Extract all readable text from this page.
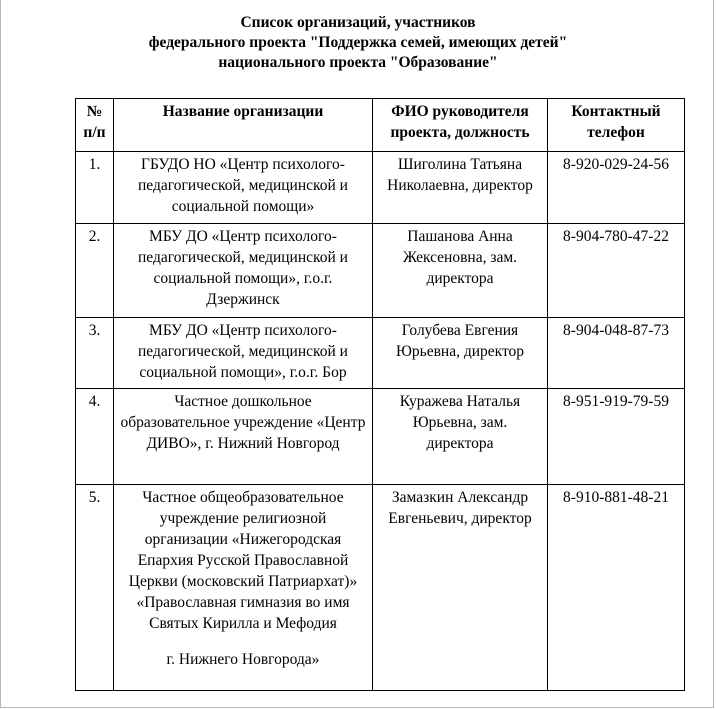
Список организаций, участников
федерального проекта "Поддержка семей, имеющих детей"
национального проекта "Образование"
№ п/п	Название организации	ФИО руководителя проекта, должность	Контактный телефон
1.	ГБУДО НО «Центр психолого-педагогической, медицинской и социальной помощи»	Шиголина Татьяна Николаевна, директор	8-920-029-24-56
2.	МБУ ДО «Центр психолого-педагогической, медицинской и социальной помощи», г.о.г. Дзержинск	Пашанова Анна Жексеновна, зам. директора	8-904-780-47-22
3.	МБУ ДО «Центр психолого-педагогической, медицинской и социальной помощи», г.о.г. Бор	Голубева Евгения Юрьевна, директор	8-904-048-87-73
4.	Частное дошкольное образовательное учреждение «Центр ДИВО», г. Нижний Новгород	Куражева Наталья Юрьевна, зам. директора	8-951-919-79-59
5.	Частное общеобразовательное учреждение религиозной организации «Нижегородская Епархия Русской Православной Церкви (московский Патриархат)» «Православная гимназия во имя Святых Кирилла и Мефодия
г. Нижнего Новгорода»	Замазкин Александр Евгеньевич, директор	8-910-881-48-21
